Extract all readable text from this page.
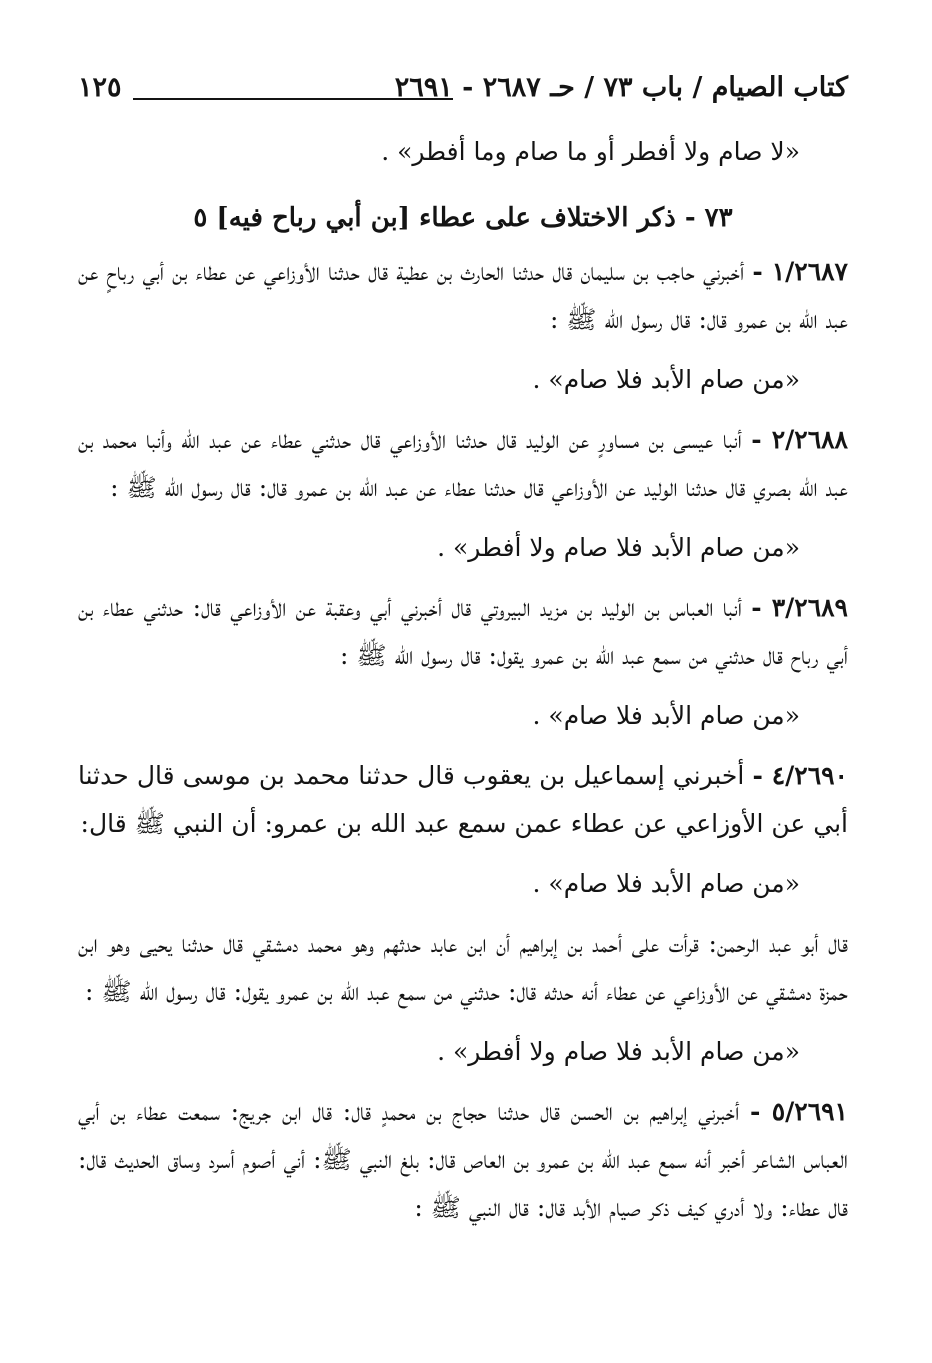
كتاب الصيام / باب ٧٣ / حـ ٢٦٨٧ - ٢٦٩١
١٢٥

«لا صام ولا أفطر أو ما صام وما أفطر» .

٧٣ - ذكر الاختلاف على عطاء [بن أبي رباح فيه] ٥

١/٢٦٨٧ - أخبرني حاجب بن سليمان قال حدثنا الحارث بن عطية قال حدثنا الأوزاعي عن عطاء بن أبي رباحٍ عن عبد الله بن عمرو قال: قال رسول الله ﷺ :

«من صام الأبد فلا صام» .

٢/٢٦٨٨ - أنبا عيسى بن مساورٍ عن الوليد قال حدثنا الأوزاعي قال حدثني عطاء عن عبد الله وأنبا محمد بن عبد الله بصري قال حدثنا الوليد عن الأوزاعي قال حدثنا عطاء عن عبد الله بن عمرو قال: قال رسول الله ﷺ :

«من صام الأبد فلا صام ولا أفطر» .

٣/٢٦٨٩ - أنبا العباس بن الوليد بن مزيد البيروتي قال أخبرني أبي وعقبة عن الأوزاعي قال: حدثني عطاء بن أبي رباح قال حدثني من سمع عبد الله بن عمرو يقول: قال رسول الله ﷺ :

«من صام الأبد فلا صام» .

٤/٢٦٩٠ - أخبرني إسماعيل بن يعقوب قال حدثنا محمد بن موسى قال حدثنا أبي عن الأوزاعي عن عطاء عمن سمع عبد الله بن عمرو: أن النبي ﷺ قال:

«من صام الأبد فلا صام» .

قال أبو عبد الرحمن: قرأت على أحمد بن إبراهيم أن ابن عابد حدثهم وهو محمد دمشقي قال حدثنا يحيى وهو ابن حمزة دمشقي عن الأوزاعي عن عطاء أنه حدثه قال: حدثني من سمع عبد الله بن عمرو يقول: قال رسول الله ﷺ :

«من صام الأبد فلا صام ولا أفطر» .

٥/٢٦٩١ - أخبرني إبراهيم بن الحسن قال حدثنا حجاج بن محمدٍ قال: قال ابن جريج: سمعت عطاء بن أبي العباس الشاعر أخبر أنه سمع عبد الله بن عمرو بن العاص قال: بلغ النبي ﷺ: أني أصوم أسرد وساق الحديث قال: قال عطاء: ولا أدري كيف ذكر صيام الأبد قال: قال النبي ﷺ :
